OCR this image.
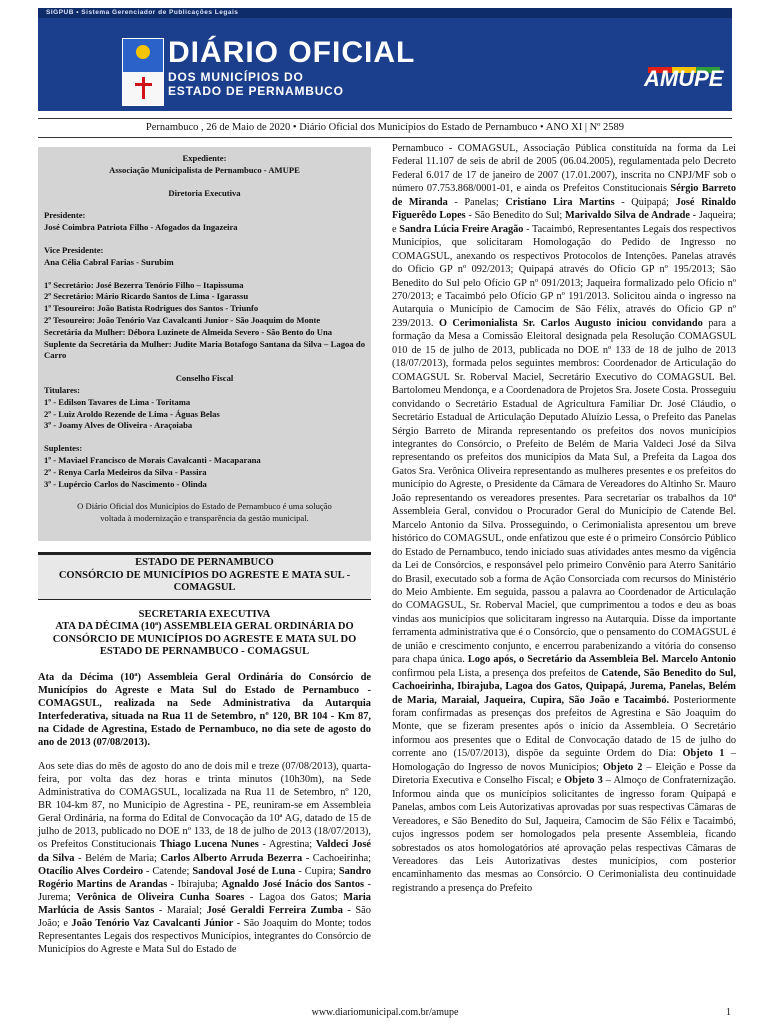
SIGPUB • Sistema Gerenciador de Publicações Legais
DIÁRIO OFICIAL
DOS MUNICÍPIOS DO
ESTADO DE PERNAMBUCO	AMUPE
Pernambuco , 26 de Maio de 2020 • Diário Oficial dos Municípios do Estado de Pernambuco • ANO XI | Nº 2589

Expediente:

Associação Municipalista de Pernambuco - AMUPE

Diretoria Executiva

Presidente:

José Coimbra Patriota Filho - Afogados da Ingazeira

Vice Presidente:

Ana Célia Cabral Farias - Surubim

1º Secretário: José Bezerra Tenório Filho – Itapissuma

2º Secretário: Mário Ricardo Santos de Lima - Igarassu

1º Tesoureiro: João Batista Rodrigues dos Santos - Triunfo

2º Tesoureiro: João Tenório Vaz Cavalcanti Junior - São Joaquim do Monte

Secretária da Mulher: Débora Luzinete de Almeida Severo - São Bento do Una

Suplente da Secretária da Mulher: Judite Maria Botafogo Santana da Silva – Lagoa do Carro

Conselho Fiscal

Titulares:

1º - Edilson Tavares de Lima - Toritama

2º - Luiz Aroldo Rezende de Lima - Águas Belas

3º - Joamy Alves de Oliveira - Araçoiaba

Suplentes:

1º - Maviael Francisco de Morais Cavalcanti - Macaparana

2º - Renya Carla Medeiros da Silva - Passira

3º - Lupércio Carlos do Nascimento - Olinda

O Diário Oficial dos Municípios do Estado de Pernambuco é uma solução voltada à modernização e transparência da gestão municipal.

ESTADO DE PERNAMBUCO
CONSÓRCIO DE MUNICÍPIOS DO AGRESTE E MATA SUL - COMAGSUL
SECRETARIA EXECUTIVA
ATA DA DÉCIMA (10ª) ASSEMBLEIA GERAL ORDINÁRIA DO CONSÓRCIO DE MUNICÍPIOS DO AGRESTE E MATA SUL DO ESTADO DE PERNAMBUCO - COMAGSUL
Ata da Décima (10ª) Assembleia Geral Ordinária do Consórcio de Municípios do Agreste e Mata Sul do Estado de Pernambuco - COMAGSUL, realizada na Sede Administrativa da Autarquia Interfederativa, situada na Rua 11 de Setembro, nº 120, BR 104 - Km 87, na Cidade de Agrestina, Estado de Pernambuco, no dia sete de agosto do ano de 2013 (07/08/2013).
Aos sete dias do mês de agosto do ano de dois mil e treze (07/08/2013), quarta-feira, por volta das dez horas e trinta minutos (10h30m), na Sede Administrativa do COMAGSUL, localizada na Rua 11 de Setembro, nº 120, BR 104-km 87, no Município de Agrestina - PE, reuniram-se em Assembleia Geral Ordinária, na forma do Edital de Convocação da 10ª AG, datado de 15 de julho de 2013, publicado no DOE nº 133, de 18 de julho de 2013 (18/07/2013), os Prefeitos Constitucionais Thiago Lucena Nunes - Agrestina; Valdeci José da Silva - Belém de Maria; Carlos Alberto Arruda Bezerra - Cachoeirinha; Otacílio Alves Cordeiro - Catende; Sandoval José de Luna - Cupira; Sandro Rogério Martins de Arandas - Ibirajuba; Agnaldo José Inácio dos Santos - Jurema; Verônica de Oliveira Cunha Soares - Lagoa dos Gatos; Maria Marlúcia de Assis Santos - Maraial; José Geraldi Ferreira Zumba - São João; e João Tenório Vaz Cavalcanti Júnior - São Joaquim do Monte; todos Representantes Legais dos respectivos Municípios, integrantes do Consórcio de Municípios do Agreste e Mata Sul do Estado de
Pernambuco - COMAGSUL, Associação Pública constituída na forma da Lei Federal 11.107 de seis de abril de 2005 (06.04.2005), regulamentada pelo Decreto Federal 6.017 de 17 de janeiro de 2007 (17.01.2007), inscrita no CNPJ/MF sob o número 07.753.868/0001-01, e ainda os Prefeitos Constitucionais Sérgio Barreto de Miranda - Panelas; Cristiano Lira Martins - Quipapá; José Rinaldo Figuerêdo Lopes - São Benedito do Sul; Marivaldo Silva de Andrade - Jaqueira; e Sandra Lúcia Freire Aragão - Tacaimbó, Representantes Legais dos respectivos Municípios, que solicitaram Homologação do Pedido de Ingresso no COMAGSUL, anexando os respectivos Protocolos de Intenções. Panelas através do Ofício GP nº 092/2013; Quipapá através do Ofício GP nº 195/2013; São Benedito do Sul pelo Ofício GP nº 091/2013; Jaqueira formalizado pelo Ofício nº 270/2013; e Tacaimbó pelo Ofício GP nº 191/2013. Solicitou ainda o ingresso na Autarquia o Município de Camocim de São Félix, através do Ofício GP nº 239/2013. O Cerimonialista Sr. Carlos Augusto iniciou convidando para a formação da Mesa a Comissão Eleitoral designada pela Resolução COMAGSUL 010 de 15 de julho de 2013, publicada no DOE nº 133 de 18 de julho de 2013 (18/07/2013), formada pelos seguintes membros: Coordenador de Articulação do COMAGSUL Sr. Roberval Maciel, Secretário Executivo do COMAGSUL Bel. Bartolomeu Mendonça, e a Coordenadora de Projetos Sra. Josete Costa. Prosseguiu convidando o Secretário Estadual de Agricultura Familiar Dr. José Cláudio, o Secretário Estadual de Articulação Deputado Aluízio Lessa, o Prefeito das Panelas Sérgio Barreto de Miranda representando os prefeitos dos novos municípios integrantes do Consórcio, o Prefeito de Belém de Maria Valdeci José da Silva representando os prefeitos dos municípios da Mata Sul, a Prefeita da Lagoa dos Gatos Sra. Verônica Oliveira representando as mulheres presentes e os prefeitos do município do Agreste, o Presidente da Câmara de Vereadores do Altinho Sr. Mauro João representando os vereadores presentes. Para secretariar os trabalhos da 10ª Assembleia Geral, convidou o Procurador Geral do Município de Catende Bel. Marcelo Antonio da Silva. Prosseguindo, o Cerimonialista apresentou um breve histórico do COMAGSUL, onde enfatizou que este é o primeiro Consórcio Público do Estado de Pernambuco, tendo iniciado suas atividades antes mesmo da vigência da Lei de Consórcios, e responsável pelo primeiro Convênio para Aterro Sanitário do Brasil, executado sob a forma de Ação Consorciada com recursos do Ministério do Meio Ambiente. Em seguida, passou a palavra ao Coordenador de Articulação do COMAGSUL, Sr. Roberval Maciel, que cumprimentou a todos e deu as boas vindas aos municípios que solicitaram ingresso na Autarquia. Disse da importante ferramenta administrativa que é o Consórcio, que o pensamento do COMAGSUL é de união e crescimento conjunto, e encerrou parabenizando a vitória do consenso para chapa única. Logo após, o Secretário da Assembleia Bel. Marcelo Antonio confirmou pela Lista, a presença dos prefeitos de Catende, São Benedito do Sul, Cachoeirinha, Ibirajuba, Lagoa dos Gatos, Quipapá, Jurema, Panelas, Belém de Maria, Maraial, Jaqueira, Cupira, São João e Tacaimbó. Posteriormente foram confirmadas as presenças dos prefeitos de Agrestina e São Joaquim do Monte, que se fizeram presentes após o início da Assembleia. O Secretário informou aos presentes que o Edital de Convocação datado de 15 de julho do corrente ano (15/07/2013), dispõe da seguinte Ordem do Dia: Objeto 1 – Homologação do Ingresso de novos Municípios; Objeto 2 – Eleição e Posse da Diretoria Executiva e Conselho Fiscal; e Objeto 3 – Almoço de Confraternização. Informou ainda que os municípios solicitantes de ingresso foram Quipapá e Panelas, ambos com Leis Autorizativas aprovadas por suas respectivas Câmaras de Vereadores, e São Benedito do Sul, Jaqueira, Camocim de São Félix e Tacaimbó, cujos ingressos podem ser homologados pela presente Assembleia, ficando sobrestados os atos homologatórios até aprovação pelas respectivas Câmaras de Vereadores das Leis Autorizativas destes municípios, com posterior encaminhamento das mesmas ao Consórcio. O Cerimonialista deu continuidade registrando a presença do Prefeito
www.diariomunicipal.com.br/amupe	1
